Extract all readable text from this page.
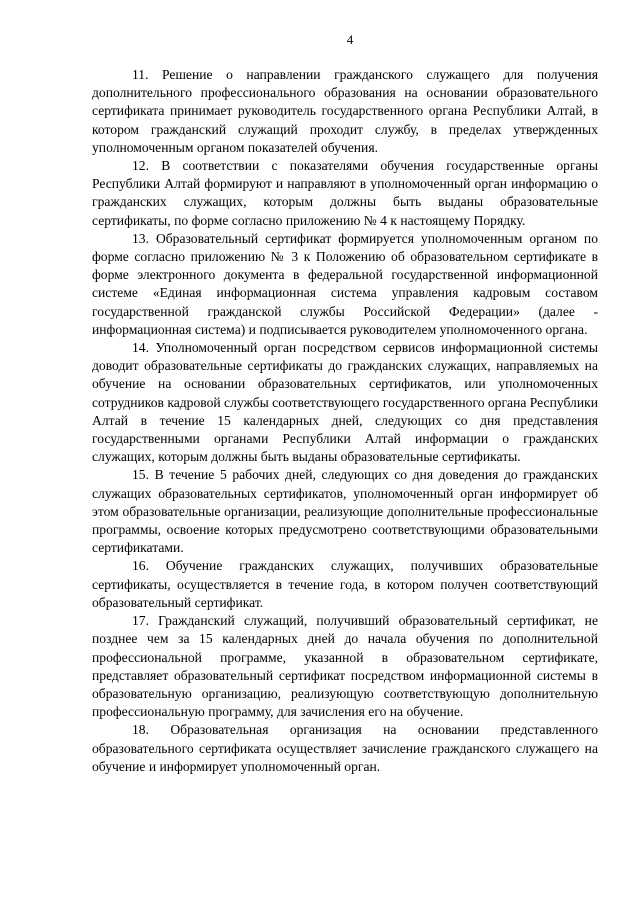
4

11. Решение о направлении гражданского служащего для получения дополнительного профессионального образования на основании образовательного сертификата принимает руководитель государственного органа Республики Алтай, в котором гражданский служащий проходит службу, в пределах утвержденных уполномоченным органом показателей обучения.

12. В соответствии с показателями обучения государственные органы Республики Алтай формируют и направляют в уполномоченный орган информацию о гражданских служащих, которым должны быть выданы образовательные сертификаты, по форме согласно приложению № 4 к настоящему Порядку.

13. Образовательный сертификат формируется уполномоченным органом по форме согласно приложению № 3 к Положению об образовательном сертификате в форме электронного документа в федеральной государственной информационной системе «Единая информационная система управления кадровым составом государственной гражданской службы Российской Федерации» (далее - информационная система) и подписывается руководителем уполномоченного органа.

14. Уполномоченный орган посредством сервисов информационной системы доводит образовательные сертификаты до гражданских служащих, направляемых на обучение на основании образовательных сертификатов, или уполномоченных сотрудников кадровой службы соответствующего государственного органа Республики Алтай в течение 15 календарных дней, следующих со дня представления государственными органами Республики Алтай информации о гражданских служащих, которым должны быть выданы образовательные сертификаты.

15. В течение 5 рабочих дней, следующих со дня доведения до гражданских служащих образовательных сертификатов, уполномоченный орган информирует об этом образовательные организации, реализующие дополнительные профессиональные программы, освоение которых предусмотрено соответствующими образовательными сертификатами.

16. Обучение гражданских служащих, получивших образовательные сертификаты, осуществляется в течение года, в котором получен соответствующий образовательный сертификат.

17. Гражданский служащий, получивший образовательный сертификат, не позднее чем за 15 календарных дней до начала обучения по дополнительной профессиональной программе, указанной в образовательном сертификате, представляет образовательный сертификат посредством информационной системы в образовательную организацию, реализующую соответствующую дополнительную профессиональную программу, для зачисления его на обучение.

18. Образовательная организация на основании представленного образовательного сертификата осуществляет зачисление гражданского служащего на обучение и информирует уполномоченный орган.
